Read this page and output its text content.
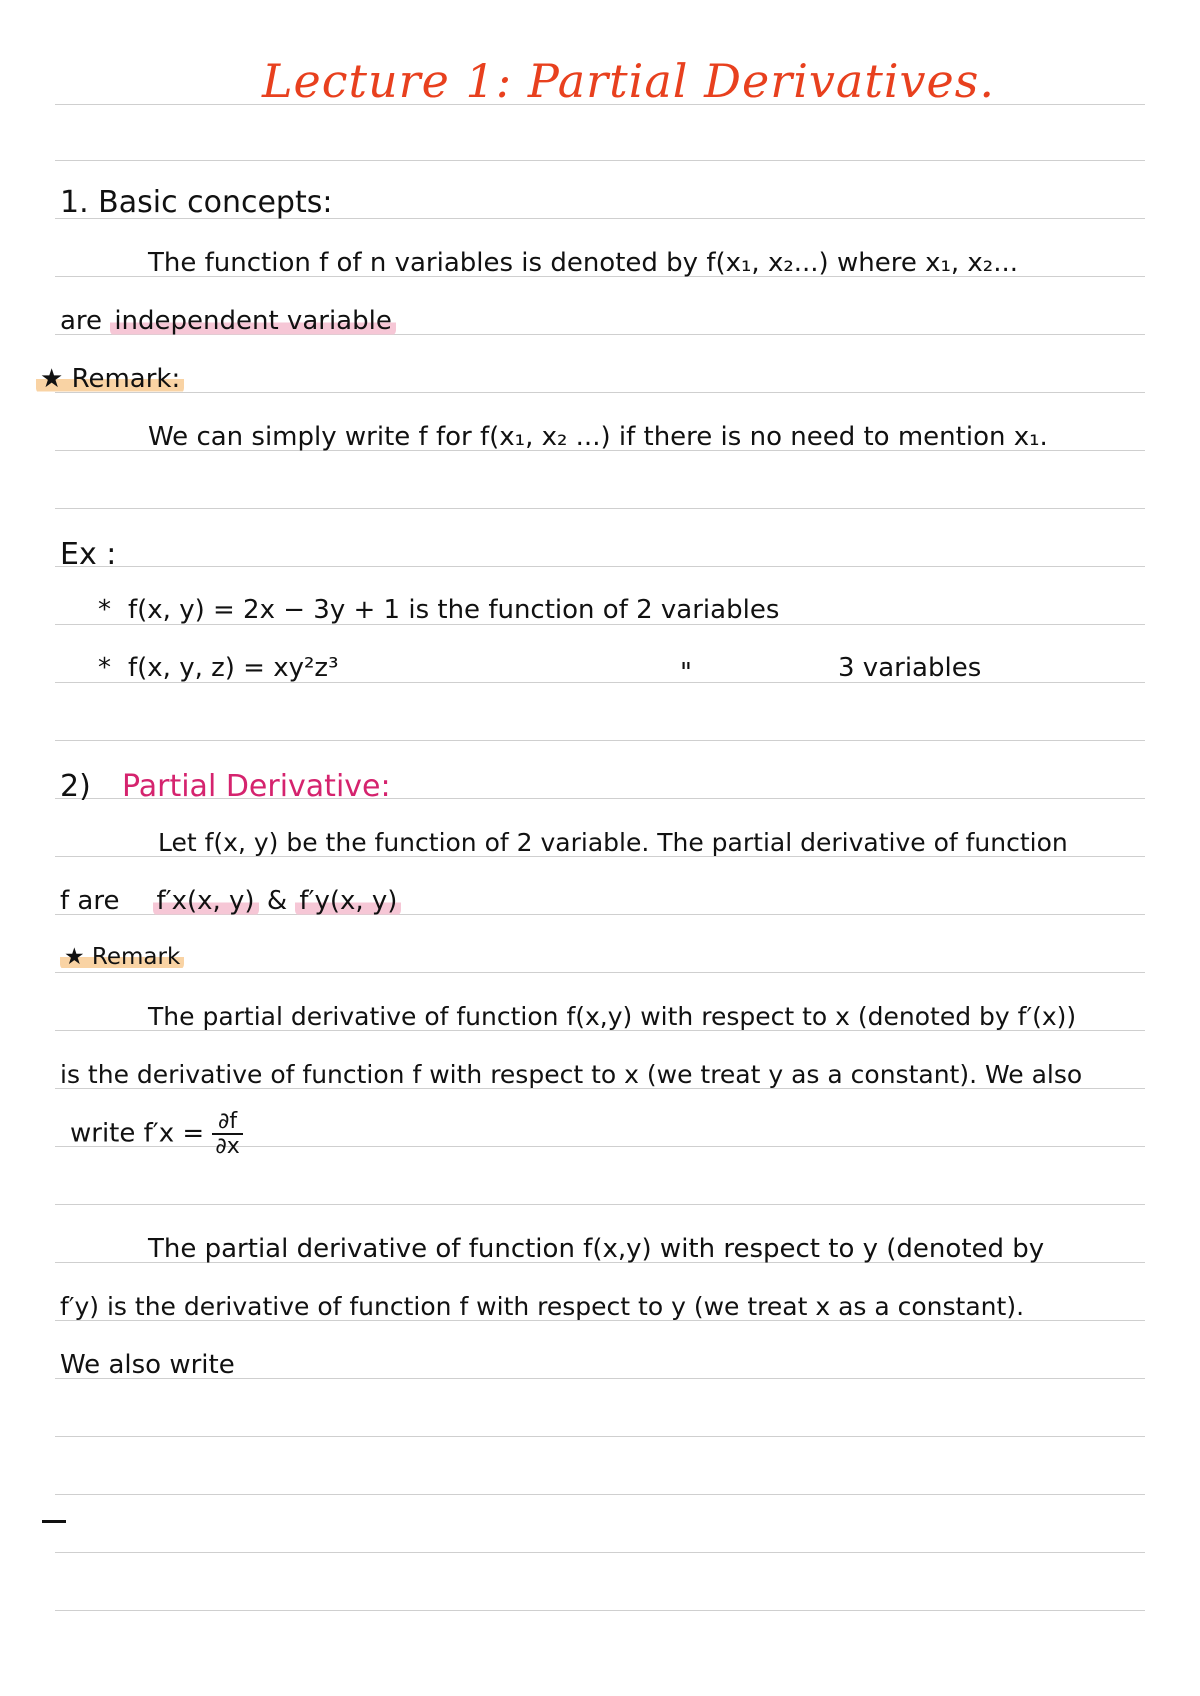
Lecture 1: Partial Derivatives.
1. Basic concepts:
The function f of n variables is denoted by f(x₁, x₂...) where x₁, x₂...
are independent variable
★ Remark:
We can simply write f for f(x₁, x₂ ...) if there is no need to mention x₁.
Ex :
* f(x, y) = 2x − 3y + 1 is the function of 2 variables
* f(x, y, z) = xy²z³	"	3 variables
2) Partial Derivative:
Let f(x, y) be the function of 2 variable. The partial derivative of function
f are f′x(x, y) & f′y(x, y)
★ Remark
The partial derivative of function f(x,y) with respect to x (denoted by f′(x))
is the derivative of function f with respect to x (we treat y as a constant). We also
write $f'x = \frac{\partial f}{\partial x}$
The partial derivative of function f(x,y) with respect to y (denoted by
f′y) is the derivative of function f with respect to y (we treat x as a constant).
We also write
